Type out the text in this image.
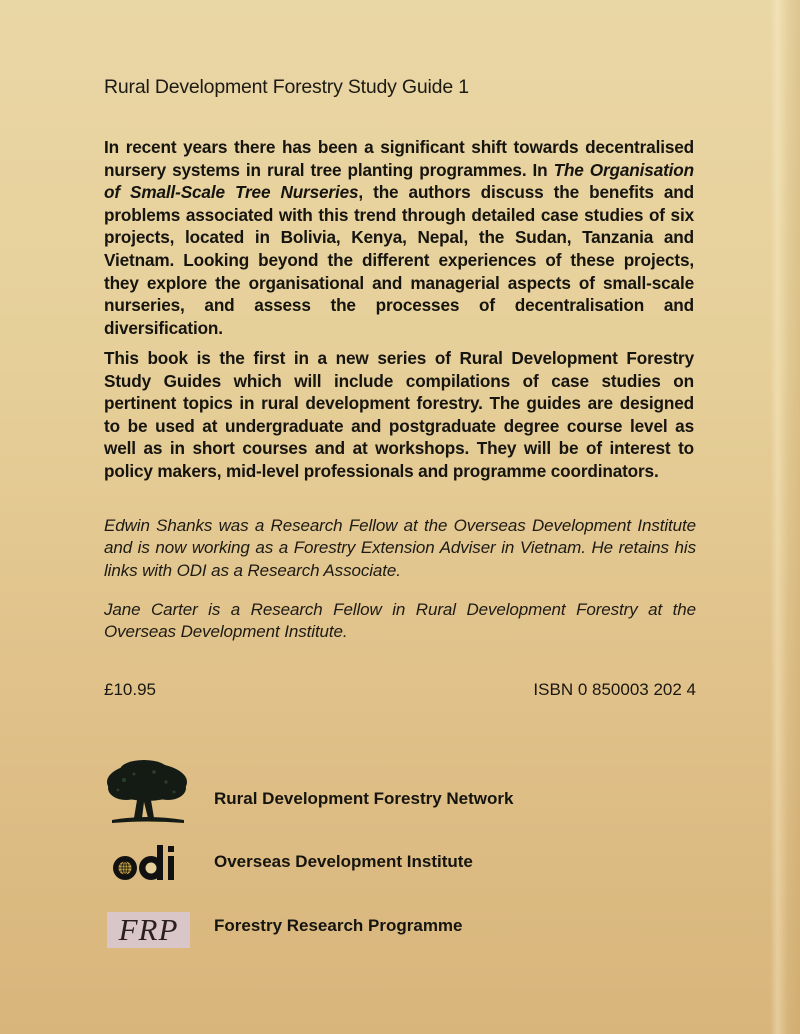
Rural Development Forestry Study Guide 1
In recent years there has been a significant shift towards decentralised nursery systems in rural tree planting programmes. In The Organisation of Small-Scale Tree Nurseries, the authors discuss the benefits and problems associated with this trend through detailed case studies of six projects, located in Bolivia, Kenya, Nepal, the Sudan, Tanzania and Vietnam. Looking beyond the different experiences of these projects, they explore the organisational and managerial aspects of small-scale nurseries, and assess the processes of decentralisation and diversification.
This book is the first in a new series of Rural Development Forestry Study Guides which will include compilations of case studies on pertinent topics in rural development forestry. The guides are designed to be used at undergraduate and postgraduate degree course level as well as in short courses and at workshops. They will be of interest to policy makers, mid-level professionals and programme coordinators.
Edwin Shanks was a Research Fellow at the Overseas Development Institute and is now working as a Forestry Extension Adviser in Vietnam. He retains his links with ODI as a Research Associate.
Jane Carter is a Research Fellow in Rural Development Forestry at the Overseas Development Institute.
£10.95	ISBN 0 850003 202 4
Rural Development Forestry Network
Overseas Development Institute
FRP	Forestry Research Programme
